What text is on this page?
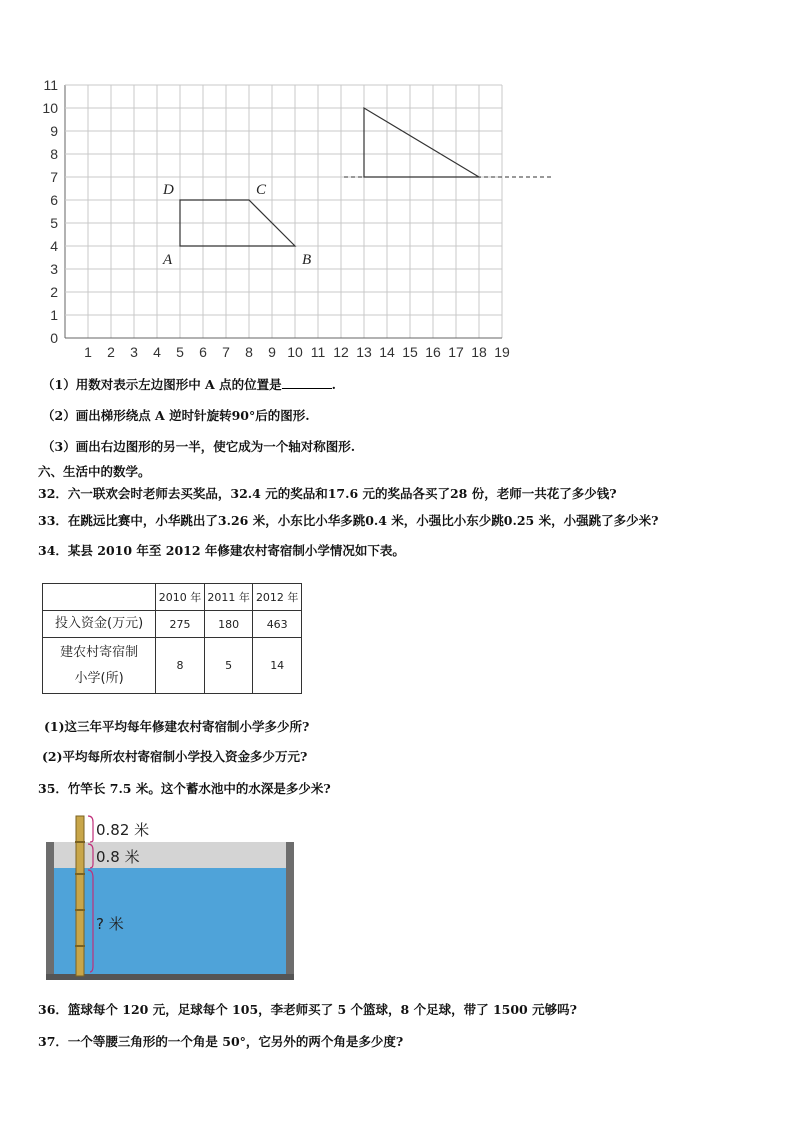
0
1
2
3
4
5
6
7
8
9
10
11
1 2 3 4 5 6 7 8 9 10 11 12 13 14 15 16 17 18 19
A	B
C
D
（1）用数对表示左边图形中 A 点的位置是	.
（2）画出梯形绕点 A 逆时针旋转90°后的图形.
（3）画出右边图形的另一半，使它成为一个轴对称图形.
六、生活中的数学。
32．六一联欢会时老师去买奖品，32.4 元的奖品和17.6 元的奖品各买了28 份，老师一共花了多少钱?
33．在跳远比赛中，小华跳出了3.26 米，小东比小华多跳0.4 米，小强比小东少跳0.25 米，小强跳了多少米?
34．某县 2010 年至 2012 年修建农村寄宿制小学情况如下表。
	2010 年	2011 年	2012 年
投入资金(万元)	275	180	463

建农村寄宿制
小学(所)	8	5	14
(1)这三年平均每年修建农村寄宿制小学多少所?
(2)平均每所农村寄宿制小学投入资金多少万元?
35．竹竿长 7.5 米。这个蓄水池中的水深是多少米?
0.82 米
0.8 米
? 米
36．篮球每个 120 元，足球每个 105，李老师买了 5 个篮球，8 个足球，带了 1500 元够吗?
37．一个等腰三角形的一个角是 50°，它另外的两个角是多少度?
